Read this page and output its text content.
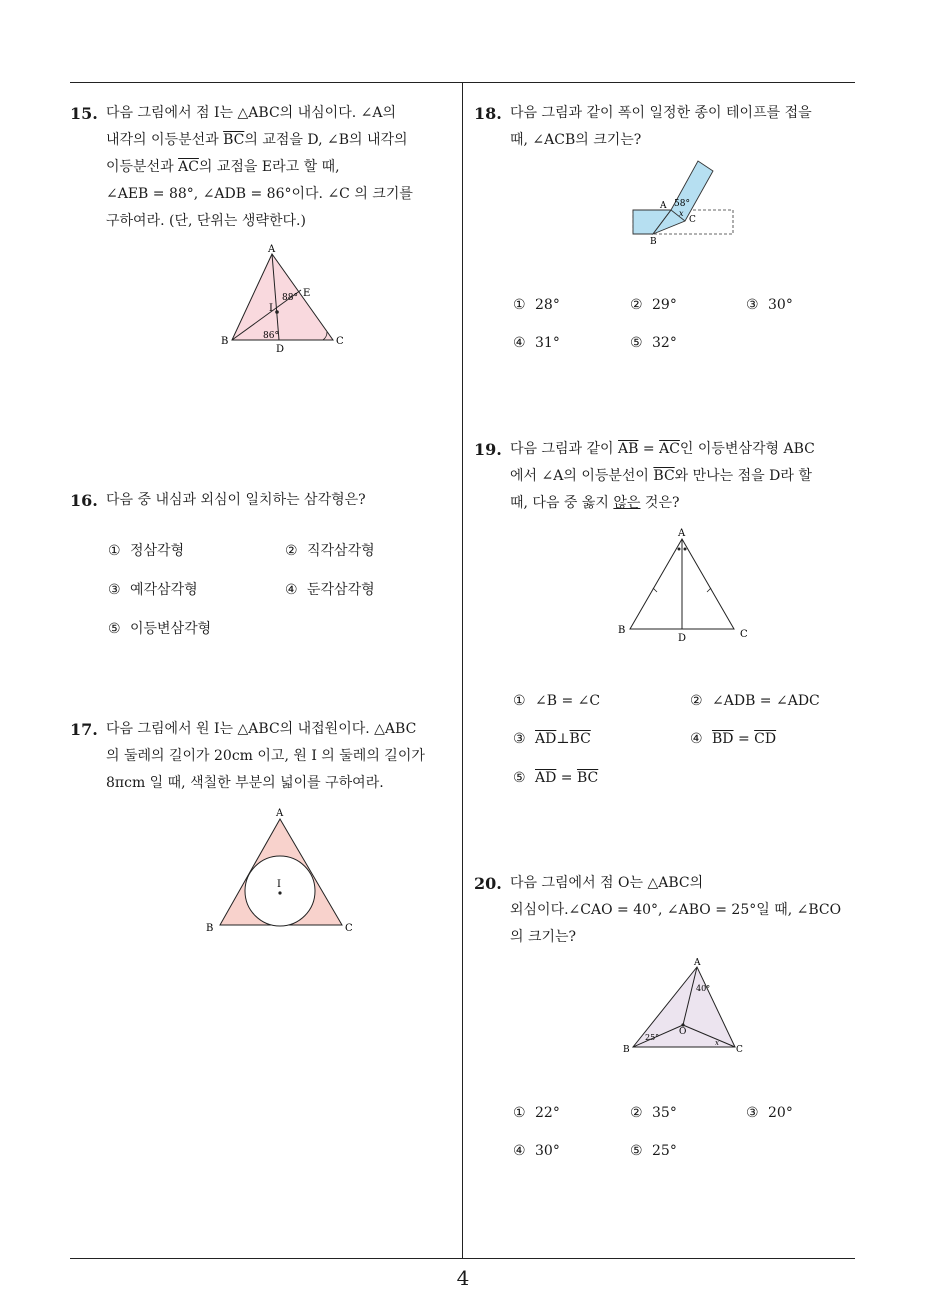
15. 다음 그림에서 점 I는 △ABC의 내심이다. ∠A의
내각의 이등분선과 $\overline{BC}$의 교점을 D, ∠B의 내각의
이등분선과 $\overline{AC}$의 교점을 E라고 할 때,
∠AEB = 88°, ∠ADB = 86°이다. ∠C 의 크기를
구하여라. (단, 단위는 생략한다.)
A
B	C
D
E
I
88°
86°
16. 다음 중 내심과 외심이 일치하는 삼각형은?
① 정삼각형	② 직각삼각형
③ 예각삼각형	④ 둔각삼각형
⑤ 이등변삼각형
17. 다음 그림에서 원 I는 △ABC의 내접원이다. △ABC
의 둘레의 길이가 20cm 이고, 원 I 의 둘레의 길이가
8πcm 일 때, 색칠한 부분의 넓이를 구하여라.
A
B	C
I
18. 다음 그림과 같이 폭이 일정한 종이 테이프를 접을
때, ∠ACB의 크기는?
A
B
C
58°
x
① 28°	② 29°	③ 30°
④ 31°	⑤ 32°
19. 다음 그림과 같이 $\overline{AB} = \overline{AC}$인 이등변삼각형 ABC
에서 ∠A의 이등분선이 $\overline{BC}$와 만나는 점을 D라 할
때, 다음 중 옳지 않은 것은?
A
B	C
D
① ∠B = ∠C	② ∠ADB = ∠ADC
③ $\overline{AD}\perp\overline{BC}$	④ $\overline{BD} = \overline{CD}$
⑤ $\overline{AD} = \overline{BC}$
20. 다음 그림에서 점 O는 △ABC의
외심이다.∠CAO = 40°, ∠ABO = 25°일 때, ∠BCO
의 크기는?
A
B	C
O
40°
25°
x
① 22°	② 35°	③ 20°
④ 30°	⑤ 25°
4
